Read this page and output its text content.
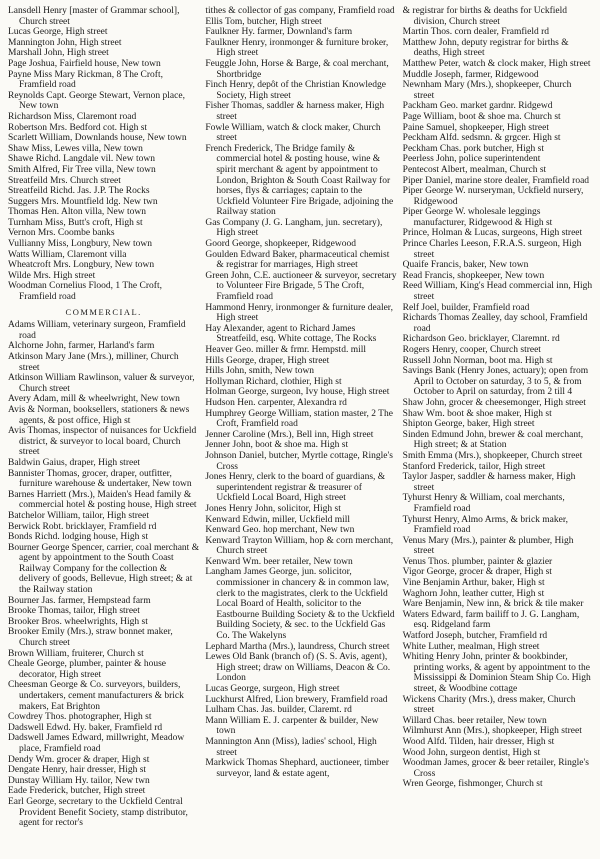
Lansdell Henry [master of Grammar school], Church street

Lucas George, High street

Mannington John, High street

Marshall John, High street

Page Joshua, Fairfield house, New town

Payne Miss Mary Rickman, 8 The Croft, Framfield road

Reynolds Capt. George Stewart, Vernon place, New town

Richardson Miss, Claremont road

Robertson Mrs. Bedford cot. High st

Scarlett William, Downlands house, New town

Shaw Miss, Lewes villa, New town

Shawe Richd. Langdale vil. New town

Smith Alfred, Fir Tree villa, New town

Streatfeild Mrs. Church street

Streatfeild Richd. Jas. J.P. The Rocks

Suggers Mrs. Mountfield ldg. New twn

Thomas Hen. Alton villa, New town

Turnham Miss, Butt's croft, High st

Vernon Mrs. Coombe banks

Vullianny Miss, Longbury, New town

Watts William, Claremont villa

Wheatcroft Mrs. Longbury, New town

Wilde Mrs. High street

Woodman Cornelius Flood, 1 The Croft, Framfield road

COMMERCIAL.

Adams William, veterinary surgeon, Framfield road

Alchorne John, farmer, Harland's farm

Atkinson Mary Jane (Mrs.), milliner, Church street

Atkinson William Rawlinson, valuer & surveyor, Church street

Avery Adam, mill & wheelwright, New town

Avis & Norman, booksellers, stationers & news agents, & post office, High st

Avis Thomas, inspector of nuisances for Uckfield district, & surveyor to local board, Church street

Baldwin Gaius, draper, High street

Bannister Thomas, grocer, draper, outfitter, furniture warehouse & undertaker, New town

Barnes Harriett (Mrs.), Maiden's Head family & commercial hotel & posting house, High street

Batchelor William, tailor, High street

Berwick Robt. bricklayer, Framfield rd

Bonds Richd. lodging house, High st

Bourner George Spencer, carrier, coal merchant & agent by appointment to the South Coast Railway Company for the collection & delivery of goods, Bellevue, High street; & at the Railway station

Bourner Jas. farmer, Hempstead farm

Brooke Thomas, tailor, High street

Brooker Bros. wheelwrights, High st

Brooker Emily (Mrs.), straw bonnet maker, Church street

Brown William, fruiterer, Church st

Cheale George, plumber, painter & house decorator, High street

Cheesman George & Co. surveyors, builders, undertakers, cement manufacturers & brick makers, Eat Brighton

Cowdrey Thos. photographer, High st

Dadswell Edwd. Hy. baker, Framfield rd

Dadswell James Edward, millwright, Meadow place, Framfield road

Dendy Wm. grocer & draper, High st

Dengate Henry, hair dresser, High st

Dunstay William Hy. tailor, New twn

Eade Frederick, butcher, High street

Earl George, secretary to the Uckfield Central Provident Benefit Society, stamp distributor, agent for rector's

tithes & collector of gas company, Framfield road

Ellis Tom, butcher, High street

Faulkner Hy. farmer, Downland's farm

Faulkner Henry, ironmonger & furniture broker, High street

Feuggle John, Horse & Barge, & coal merchant, Shortbridge

Finch Henry, depôt of the Christian Knowledge Society, High street

Fisher Thomas, saddler & harness maker, High street

Fowle William, watch & clock maker, Church street

French Frederick, The Bridge family & commercial hotel & posting house, wine & spirit merchant & agent by appointment to London, Brighton & South Coast Railway for horses, flys & carriages; captain to the Uckfield Volunteer Fire Brigade, adjoining the Railway station

Gas Company (J. G. Langham, jun. secretary), High street

Goord George, shopkeeper, Ridgewood

Goulden Edward Baker, pharmaceutical chemist & registrar for marriages, High street

Green John, C.E. auctioneer & surveyor, secretary to Volunteer Fire Brigade, 5 The Croft, Framfield road

Hammond Henry, ironmonger & furniture dealer, High street

Hay Alexander, agent to Richard James Streatfeild, esq. White cottage, The Rocks

Heaver Geo. miller & frmr. Hempstd. mill

Hills George, draper, High street

Hills John, smith, New town

Hollyman Richard, clothier, High st

Holman George, surgeon, Ivy house, High street

Hudson Hen. carpenter, Alexandra rd

Humphrey George William, station master, 2 The Croft, Framfield road

Jenner Caroline (Mrs.), Bell inn, High street

Jenner John, boot & shoe ma. High st

Johnson Daniel, butcher, Myrtle cottage, Ringle's Cross

Jones Henry, clerk to the board of guardians, & superintendent registrar & treasurer of Uckfield Local Board, High street

Jones Henry John, solicitor, High st

Kenward Edwin, miller, Uckfield mill

Kenward Geo. hop merchant, New twn

Kenward Trayton William, hop & corn merchant, Church street

Kenward Wm. beer retailer, New town

Langham James George, jun. solicitor, commissioner in chancery & in common law, clerk to the magistrates, clerk to the Uckfield Local Board of Health, solicitor to the Eastbourne Building Society & to the Uckfield Building Society, & sec. to the Uckfield Gas Co. The Wakelyns

Lephard Martha (Mrs.), laundress, Church street

Lewes Old Bank (branch of) (S. S. Avis, agent), High street; draw on Williams, Deacon & Co. London

Lucas George, surgeon, High street

Luckhurst Alfred, Lion brewery, Framfield road

Lulham Chas. Jas. builder, Claremt. rd

Mann William E. J. carpenter & builder, New town

Mannington Ann (Miss), ladies' school, High street

Markwick Thomas Shephard, auctioneer, timber surveyor, land & estate agent,

& registrar for births & deaths for Uckfield division, Church street

Martin Thos. corn dealer, Framfield rd

Matthew John, deputy registrar for births & deaths, High street

Matthew Peter, watch & clock maker, High street

Muddle Joseph, farmer, Ridgewood

Newnham Mary (Mrs.), shopkeeper, Church street

Packham Geo. market gardnr. Ridgewd

Page William, boot & shoe ma. Church st

Paine Samuel, shopkeeper, High street

Peckham Alfd. sedsmn. & grgcer. High st

Peckham Chas. pork butcher, High st

Peerless John, police superintendent

Pentecost Albert, mealman, Church st

Piper Daniel, marine store dealer, Framfield road

Piper George W. nurseryman, Uckfield nursery, Ridgewood

Piper George W. wholesale leggings manufacturer, Ridgewood & High st

Prince, Holman & Lucas, surgeons, High street

Prince Charles Leeson, F.R.A.S. surgeon, High street

Quaife Francis, baker, New town

Read Francis, shopkeeper, New town

Reed William, King's Head commercial inn, High street

Relf Joel, builder, Framfield road

Richards Thomas Zealley, day school, Framfield road

Richardson Geo. bricklayer, Claremnt. rd

Rogers Henry, cooper, Church street

Russell John Norman, boot ma. High st

Savings Bank (Henry Jones, actuary); open from April to October on saturday, 3 to 5, & from October to April on saturday, from 2 till 4

Shaw John, grocer & cheesemonger, High street

Shaw Wm. boot & shoe maker, High st

Shipton George, baker, High street

Sinden Edmund John, brewer & coal merchant, High street; & at Station

Smith Emma (Mrs.), shopkeeper, Church street

Stanford Frederick, tailor, High street

Taylor Jasper, saddler & harness maker, High street

Tyhurst Henry & William, coal merchants, Framfield road

Tyhurst Henry, Almo Arms, & brick maker, Framfield road

Venus Mary (Mrs.), painter & plumber, High street

Venus Thos. plumber, painter & glazier

Vigor George, grocer & draper, High st

Vine Benjamin Arthur, baker, High st

Waghorn John, leather cutter, High st

Ware Benjamin, New inn, & brick & tile maker

Waters Edward, farm bailiff to J. G. Langham, esq. Ridgeland farm

Watford Joseph, butcher, Framfield rd

White Luther, mealman, High street

Whiting Henry John, printer & bookbinder, printing works, & agent by appointment to the Mississippi & Dominion Steam Ship Co. High street, & Woodbine cottage

Wickens Charity (Mrs.), dress maker, Church street

Willard Chas. beer retailer, New town

Wilmhurst Ann (Mrs.), shopkeeper, High street

Wood Alfd. Tilden, hair dresser, High st

Wood John, surgeon dentist, High st

Woodman James, grocer & beer retailer, Ringle's Cross

Wren George, fishmonger, Church st
